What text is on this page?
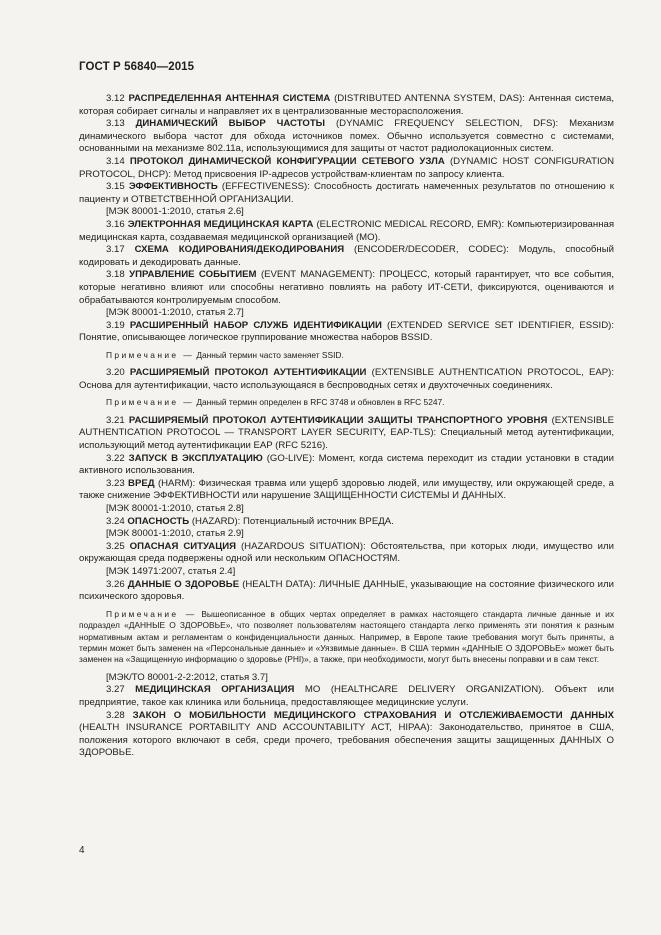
ГОСТ Р 56840—2015

3.12 РАСПРЕДЕЛЕННАЯ АНТЕННАЯ СИСТЕМА (DISTRIBUTED ANTENNA SYSTEM, DAS): Антенная система, которая собирает сигналы и направляет их в централизованные месторасположения.

3.13 ДИНАМИЧЕСКИЙ ВЫБОР ЧАСТОТЫ (DYNAMIC FREQUENCY SELECTION, DFS): Механизм динамического выбора частот для обхода источников помех. Обычно используется совместно с системами, основанными на механизме 802.11а, использующимися для защиты от частот радиолокационных систем.

3.14 ПРОТОКОЛ ДИНАМИЧЕСКОЙ КОНФИГУРАЦИИ СЕТЕВОГО УЗЛА (DYNAMIC HOST CONFIGURATION PROTOCOL, DHCP): Метод присвоения IP-адресов устройствам-клиентам по запросу клиента.

3.15 ЭФФЕКТИВНОСТЬ (EFFECTIVENESS): Способность достигать намеченных результатов по отношению к пациенту и ОТВЕТСТВЕННОЙ ОРГАНИЗАЦИИ.

[МЭК 80001-1:2010, статья 2.6]

3.16 ЭЛЕКТРОННАЯ МЕДИЦИНСКАЯ КАРТА (ELECTRONIC MEDICAL RECORD, EMR): Компьютеризированная медицинская карта, создаваемая медицинской организацией (МО).

3.17 СХЕМА КОДИРОВАНИЯ/ДЕКОДИРОВАНИЯ (ENCODER/DECODER, CODEC): Модуль, способный кодировать и декодировать данные.

3.18 УПРАВЛЕНИЕ СОБЫТИЕМ (EVENT MANAGEMENT): ПРОЦЕСС, который гарантирует, что все события, которые негативно влияют или способны негативно повлиять на работу ИТ-СЕТИ, фиксируются, оцениваются и обрабатываются контролируемым способом.

[МЭК 80001-1:2010, статья 2.7]

3.19 РАСШИРЕННЫЙ НАБОР СЛУЖБ ИДЕНТИФИКАЦИИ (EXTENDED SERVICE SET IDENTIFIER, ESSID): Понятие, описывающее логическое группирование множества наборов BSSID.

Примечание — Данный термин часто заменяет SSID.

3.20 РАСШИРЯЕМЫЙ ПРОТОКОЛ АУТЕНТИФИКАЦИИ (EXTENSIBLE AUTHENTICATION PROTOCOL, EAP): Основа для аутентификации, часто использующаяся в беспроводных сетях и двухточечных соединениях.

Примечание — Данный термин определен в RFC 3748 и обновлен в RFC 5247.

3.21 РАСШИРЯЕМЫЙ ПРОТОКОЛ АУТЕНТИФИКАЦИИ ЗАЩИТЫ ТРАНСПОРТНОГО УРОВНЯ (EXTENSIBLE AUTHENTICATION PROTOCOL — TRANSPORT LAYER SECURITY, EAP-TLS): Специальный метод аутентификации, использующий метод аутентификации EAP (RFC 5216).

3.22 ЗАПУСК В ЭКСПЛУАТАЦИЮ (GO-LIVE): Момент, когда система переходит из стадии установки в стадии активного использования.

3.23 ВРЕД (HARM): Физическая травма или ущерб здоровью людей, или имуществу, или окружающей среде, а также снижение ЭФФЕКТИВНОСТИ или нарушение ЗАЩИЩЕННОСТИ СИСТЕМЫ И ДАННЫХ.

[МЭК 80001-1:2010, статья 2.8]

3.24 ОПАСНОСТЬ (HAZARD): Потенциальный источник ВРЕДА.

[МЭК 80001-1:2010, статья 2.9]

3.25 ОПАСНАЯ СИТУАЦИЯ (HAZARDOUS SITUATION): Обстоятельства, при которых люди, имущество или окружающая среда подвержены одной или нескольким ОПАСНОСТЯМ.

[МЭК 14971:2007, статья 2.4]

3.26 ДАННЫЕ О ЗДОРОВЬЕ (HEALTH DATA): ЛИЧНЫЕ ДАННЫЕ, указывающие на состояние физического или психического здоровья.

Примечание — Вышеописанное в общих чертах определяет в рамках настоящего стандарта личные данные и их подраздел «ДАННЫЕ О ЗДОРОВЬЕ», что позволяет пользователям настоящего стандарта легко применять эти понятия к разным нормативным актам и регламентам о конфиденциальности данных. Например, в Европе такие требования могут быть приняты, а термин может быть заменен на «Персональные данные» и «Уязвимые данные». В США термин «ДАННЫЕ О ЗДОРОВЬЕ» может быть заменен на «Защищенную информацию о здоровье (PHI)», а также, при необходимости, могут быть внесены поправки и в сам текст.

[МЭК/ТО 80001-2-2:2012, статья 3.7]

3.27 МЕДИЦИНСКАЯ ОРГАНИЗАЦИЯ МО (HEALTHCARE DELIVERY ORGANIZATION). Объект или предприятие, такое как клиника или больница, предоставляющее медицинские услуги.

3.28 ЗАКОН О МОБИЛЬНОСТИ МЕДИЦИНСКОГО СТРАХОВАНИЯ И ОТСЛЕЖИВАЕМОСТИ ДАННЫХ (HEALTH INSURANCE PORTABILITY AND ACCOUNTABILITY ACT, HIPAA): Законодательство, принятое в США, положения которого включают в себя, среди прочего, требования обеспечения защиты защищенных ДАННЫХ О ЗДОРОВЬЕ.

4
